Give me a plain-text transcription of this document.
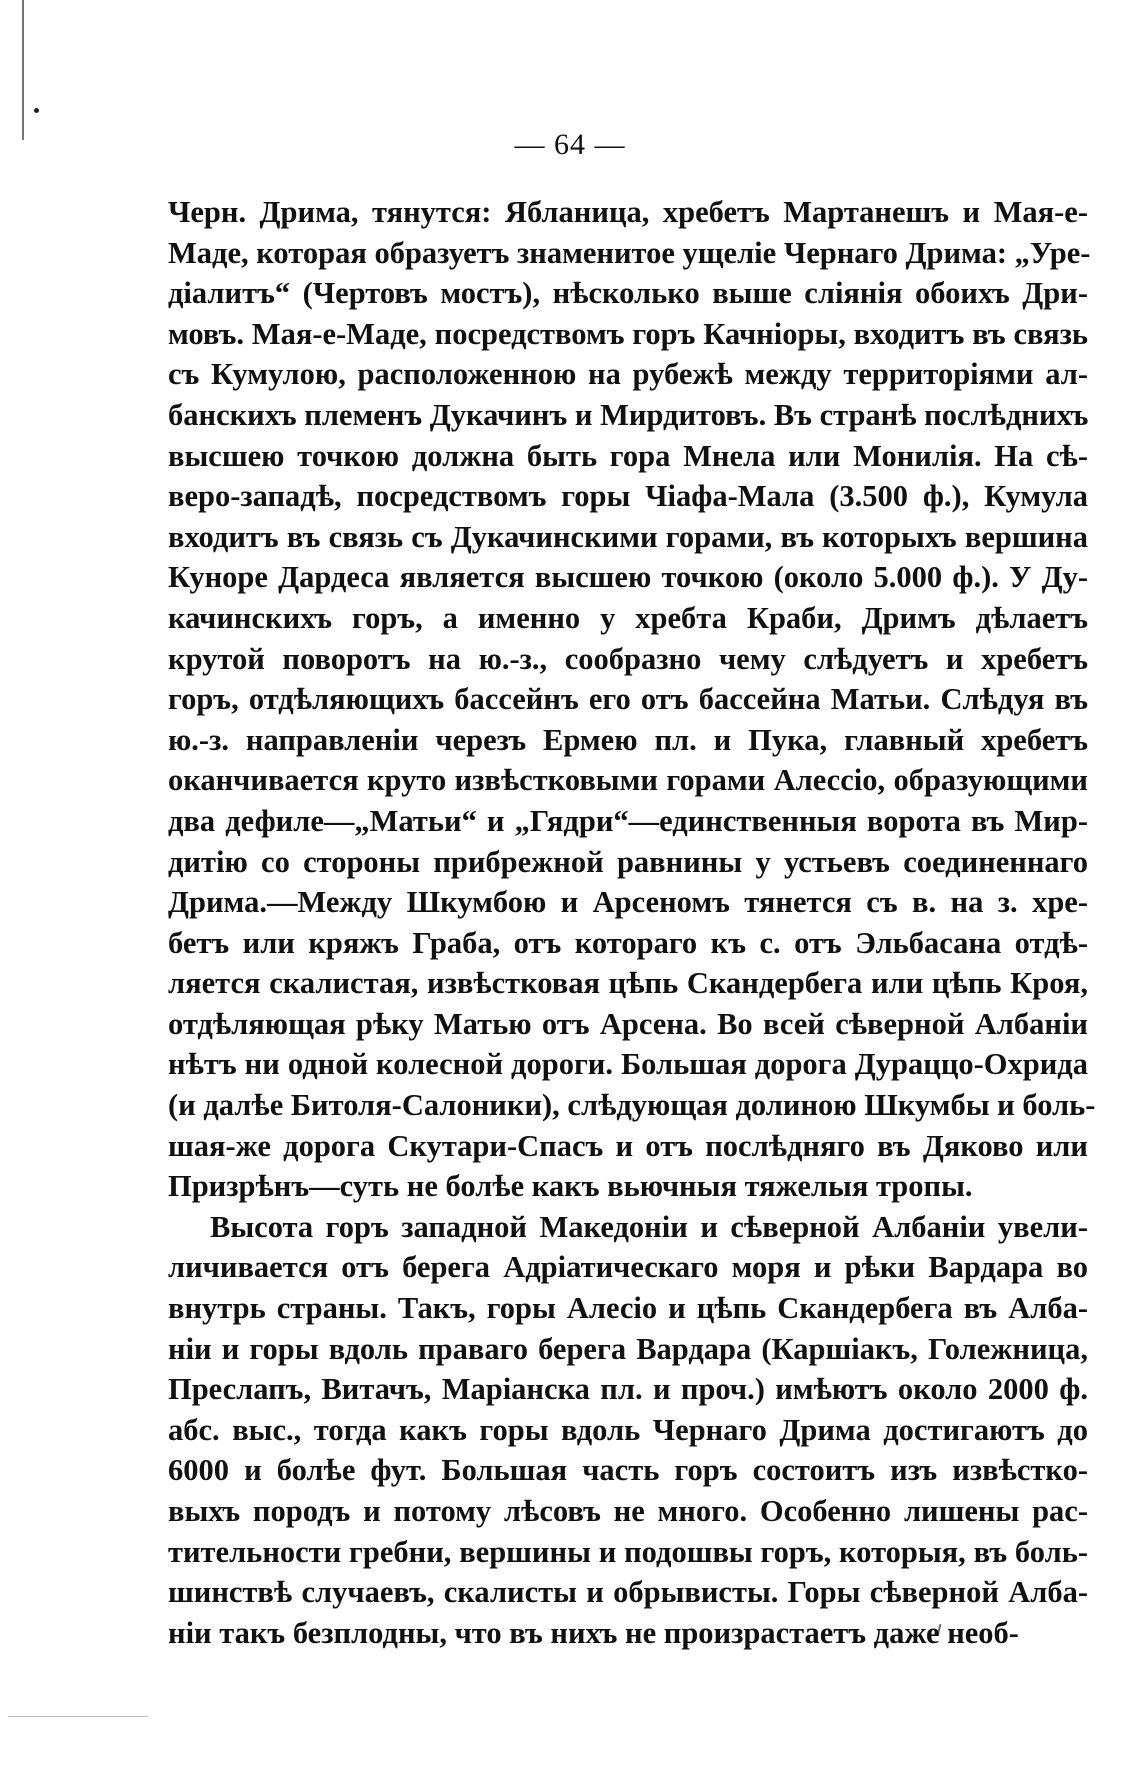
— 64 —
Черн. Дрима, тянутся: Ябланица, хребетъ Мартанешъ и Мая-е-
Маде, которая образуетъ знаменитое ущеліе Чернаго Дрима: „Уре-
діалитъ“ (Чертовъ мостъ), нѣсколько выше слiянiя обоихъ Дри-
мовъ. Мая-е-Маде, посредствомъ горъ Качніоры, входитъ въ связь
съ Кумулою, расположенною на рубежѣ между территоріями ал-
банскихъ племенъ Дукачинъ и Мирдитовъ. Въ странѣ послѣднихъ
высшею точкою должна быть гора Мнела или Монилія. На сѣ-
веро-западѣ, посредствомъ горы Чіафа-Мала (3.500 ф.), Кумула
входитъ въ связь съ Дукачинскими горами, въ которыхъ вершина
Куноре Дардеса является высшею точкою (около 5.000 ф.). У Ду-
качинскихъ горъ, а именно у хребта Краби, Дримъ дѣлаетъ
крутой поворотъ на ю.-з., сообразно чему слѣдуетъ и хребетъ
горъ, отдѣляющихъ бассейнъ его отъ бассейна Матьи. Слѣдуя въ
ю.-з. направленіи черезъ Ермею пл. и Пука, главный хребетъ
оканчивается круто извѣстковыми горами Алессіо, образующими
два дефиле—„Матьи“ и „Гядри“—единственныя ворота въ Мир-
дитію со стороны прибрежной равнины у устьевъ соединеннаго
Дрима.—Между Шкумбою и Арсеномъ тянется съ в. на з. хре-
бетъ или кряжъ Граба, отъ котораго къ с. отъ Эльбасана отдѣ-
ляется скалистая, извѣстковая цѣпь Скандербега или цѣпь Кроя,
отдѣляющая рѣку Матью отъ Арсена. Во всей сѣверной Албаніи
нѣтъ ни одной колесной дороги. Большая дорога Дураццо-Охрида
(и далѣе Битоля-Салоники), слѣдующая долиною Шкумбы и боль-
шая-же дорога Скутари-Спасъ и отъ послѣдняго въ Дяково или
Призрѣнъ—суть не болѣе какъ вьючныя тяжелыя тропы.
Высота горъ западной Македоніи и сѣверной Албаніи увели-
личивается отъ берега Адріатическаго моря и рѣки Вардара во
внутрь страны. Такъ, горы Алесіо и цѣпь Скандербега въ Алба-
ніи и горы вдоль праваго берега Вардара (Каршіакъ, Голежница,
Преслапъ, Витачъ, Маріанска пл. и проч.) имѣютъ около 2000 ф.
абс. выс., тогда какъ горы вдоль Чернаго Дрима достигаютъ до
6000 и болѣе фут. Большая часть горъ состоитъ изъ извѣстко-
выхъ породъ и потому лѣсовъ не много. Особенно лишены рас-
тительности гребни, вершины и подошвы горъ, которыя, въ боль-
шинствѣ случаевъ, скалисты и обрывисты. Горы сѣверной Алба-
ніи такъ безплодны, что въ нихъ не произрастаетъ даже необ-
